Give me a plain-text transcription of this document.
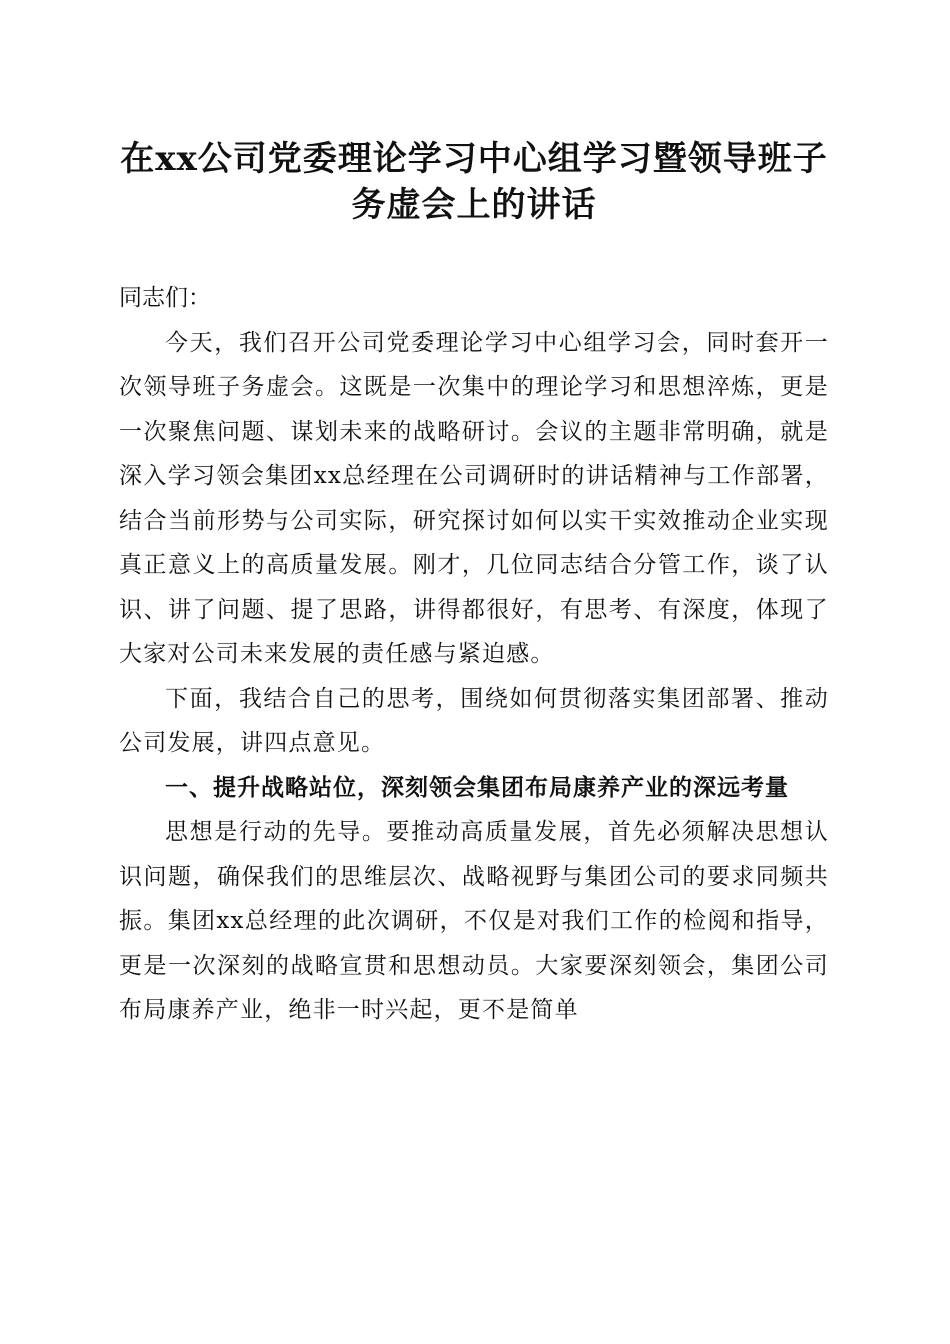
在xx公司党委理论学习中心组学习暨领导班子务虚会上的讲话

同志们：

今天，我们召开公司党委理论学习中心组学习会，同时套开一次领导班子务虚会。这既是一次集中的理论学习和思想淬炼，更是一次聚焦问题、谋划未来的战略研讨。会议的主题非常明确，就是深入学习领会集团xx总经理在公司调研时的讲话精神与工作部署，结合当前形势与公司实际，研究探讨如何以实干实效推动企业实现真正意义上的高质量发展。刚才，几位同志结合分管工作，谈了认识、讲了问题、提了思路，讲得都很好，有思考、有深度，体现了大家对公司未来发展的责任感与紧迫感。

下面，我结合自己的思考，围绕如何贯彻落实集团部署、推动公司发展，讲四点意见。

一、提升战略站位，深刻领会集团布局康养产业的深远考量

思想是行动的先导。要推动高质量发展，首先必须解决思想认识问题，确保我们的思维层次、战略视野与集团公司的要求同频共振。集团xx总经理的此次调研，不仅是对我们工作的检阅和指导，更是一次深刻的战略宣贯和思想动员。大家要深刻领会，集团公司布局康养产业，绝非一时兴起，更不是简单
